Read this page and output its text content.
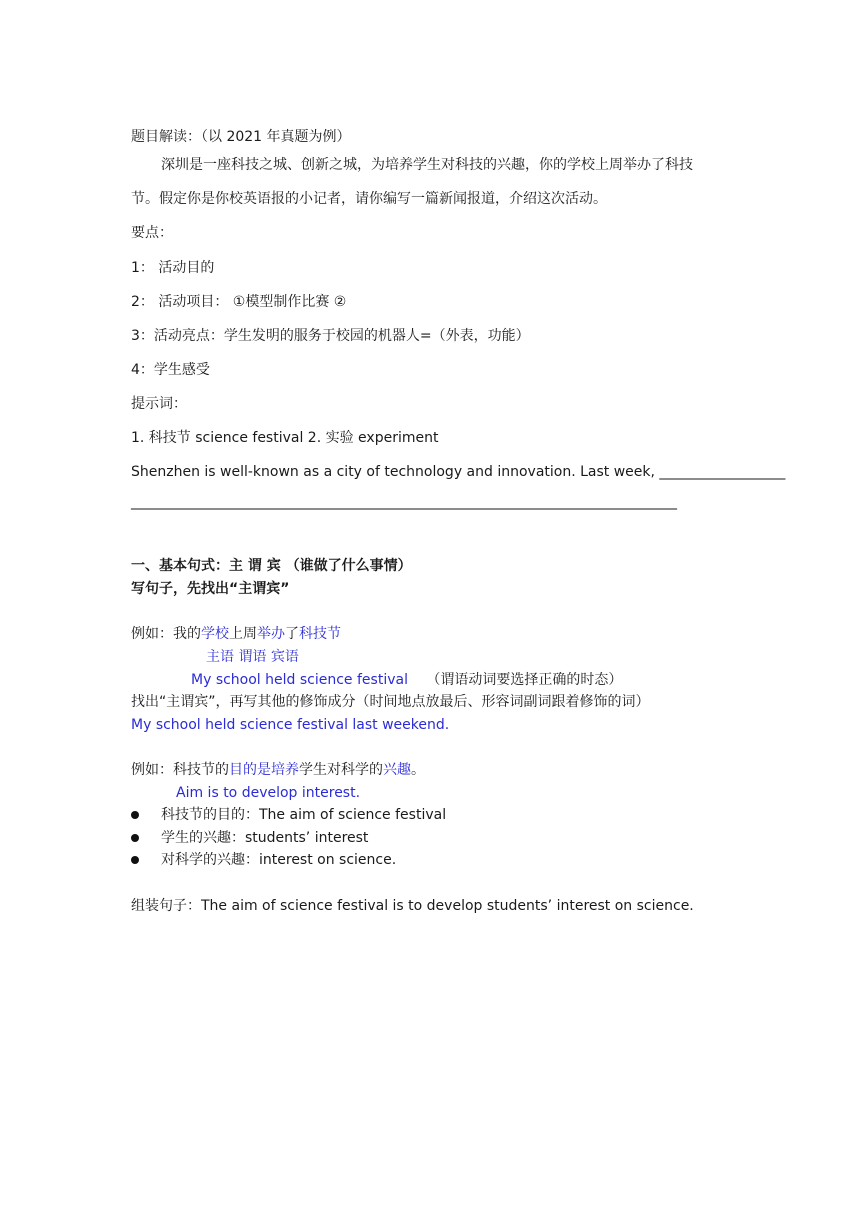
题目解读：（以 2021 年真题为例）
深圳是一座科技之城、创新之城，为培养学生对科技的兴趣，你的学校上周举办了科技
节。假定你是你校英语报的小记者，请你编写一篇新闻报道，介绍这次活动。
要点：
1： 活动目的
2： 活动项目： ①模型制作比赛 ②
3：活动亮点：学生发明的服务于校园的机器人=（外表，功能）
4：学生感受
提示词：
1. 科技节 science festival 2. 实验 experiment
Shenzhen is well-known as a city of technology and innovation. Last week, __________________
______________________________________________________________________________
一、基本句式：主 谓 宾 （谁做了什么事情）
写句子，先找出“主谓宾”
例如：我的学校上周举办了科技节
主语 谓语 宾语
My school held science festival （谓语动词要选择正确的时态）
找出“主谓宾”，再写其他的修饰成分（时间地点放最后、形容词副词跟着修饰的词）
My school held science festival last weekend.
例如：科技节的目的是培养学生对科学的兴趣。
Aim is to develop interest.
科技节的目的：The aim of science festival
学生的兴趣：students’ interest
对科学的兴趣：interest on science.
组装句子：The aim of science festival is to develop students’ interest on science.
